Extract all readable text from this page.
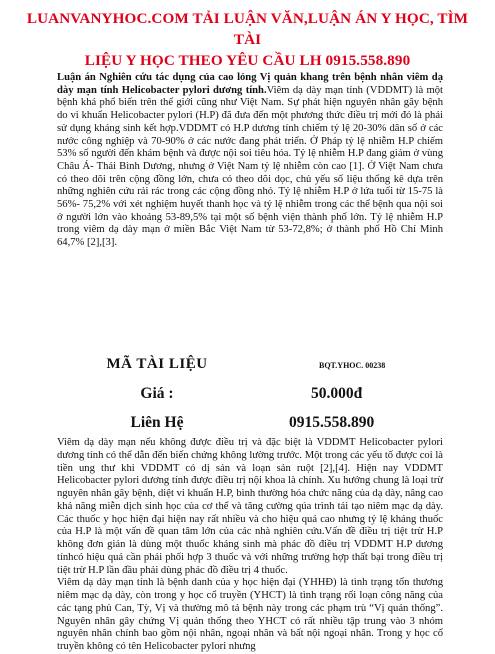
LUANVANYHOC.COM TẢI LUẬN VĂN,LUẬN ÁN Y HỌC, TÌM TÀI
LIỆU Y HỌC THEO YÊU CẦU LH 0915.558.890
Luận án Nghiên cứu tác dụng của cao lỏng Vị quản khang trên bệnh nhân viêm dạ dày mạn tính Helicobacter pylori dương tính.Viêm dạ dày mạn tính (VDDMT) là một bệnh khá phổ biến trên thế giới cũng như Việt Nam. Sự phát hiện nguyên nhân gây bệnh do vi khuẩn Helicobacter pylori (H.P) đã đưa đến một phương thức điều trị mới đó là phải sử dụng kháng sinh kết hợp.VDDMT có H.P dương tính chiếm tỷ lệ 20-30% dân số ở các nước công nghiệp và 70-90% ở các nước đang phát triển. Ở Pháp tỷ lệ nhiễm H.P chiếm 53% số người đến khám bệnh và được nội soi tiêu hóa. Tỷ lệ nhiễm H.P đang giảm ở vùng Châu Á- Thái Bình Dương, nhưng ở Việt Nam tỷ lệ nhiễm còn cao [1]. Ở Việt Nam chưa có theo dõi trên cộng đồng lớn, chưa có theo dõi dọc, chủ yếu số liệu thống kê dựa trên những nghiên cứu rải rác trong các cộng đồng nhỏ. Tỷ lệ nhiễm H.P ở lứa tuổi từ 15-75 là 56%- 75,2% với xét nghiệm huyết thanh học và tỷ lệ nhiễm trong các thể bệnh qua nội soi ở người lớn vào khoảng 53-89,5% tại một số bệnh viện thành phố lớn. Tỷ lệ nhiễm H.P trong viêm dạ dày mạn ở miền Bắc Việt Nam từ 53-72,8%; ở thành phố Hồ Chí Minh 64,7% [2],[3].
MÃ TÀI LIỆU	BQT.YHOC. 00238
Giá :	50.000đ
Liên Hệ	0915.558.890
Viêm dạ dày mạn nếu không được điều trị và đặc biệt là VDDMT Helicobacter pylori dương tính có thể dẫn đến biến chứng không lường trước. Một trong các yếu tố được coi là tiền ung thư khi VDDMT có dị sản và loạn sản ruột [2],[4]. Hiện nay VDDMT Helicobacter pylori dương tính được điều trị nội khoa là chính. Xu hướng chung là loại trừ nguyên nhân gây bệnh, diệt vi khuẩn H.P, bình thường hóa chức năng của dạ dày, nâng cao khả năng miễn dịch sinh học của cơ thể và tăng cường qúa trình tái tạo niêm mạc dạ dày. Các thuốc y học hiện đại hiện nay rất nhiều và cho hiệu quả cao nhưng tỷ lệ kháng thuốc của H.P là một vấn đề quan tâm lớn của các nhà nghiên cứu.Vấn đề điều trị tiệt trừ H.P không đơn giản là dùng một thuốc kháng sinh mà phác đồ điều trị VDDMT H.P dương tínhcó hiệu quả cần phải phối hợp 3 thuốc và với những trường hợp thất bại trong điều trị tiệt trừ H.P lần đầu phải dùng phác đồ điều trị 4 thuốc.
Viêm dạ dày mạn tính là bệnh danh của y học hiện đại (YHHĐ) là tình trạng tổn thương niêm mạc dạ dày, còn trong y học cổ truyền (YHCT) là tình trạng rối loạn công năng của các tạng phủ Can, Tỳ, Vị và thường mô tả bệnh này trong các phạm trù “Vị quản thống”. Nguyên nhân gây chứng Vị quản thống theo YHCT có rất nhiều tập trung vào 3 nhóm nguyên nhân chính bao gồm nội nhân, ngoại nhân và bất nội ngoại nhân. Trong y học cổ truyền không có tên Helicobacter pylori nhưng
